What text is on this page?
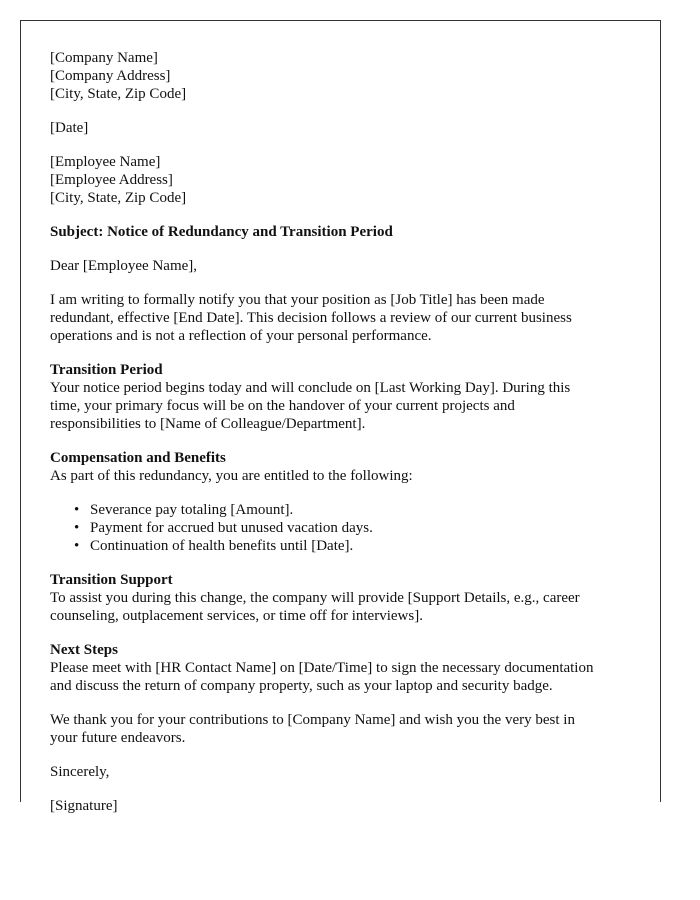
[Company Name]
[Company Address]
[City, State, Zip Code]
[Date]
[Employee Name]
[Employee Address]
[City, State, Zip Code]
Subject: Notice of Redundancy and Transition Period
Dear [Employee Name],
I am writing to formally notify you that your position as [Job Title] has been made
redundant, effective [End Date]. This decision follows a review of our current business
operations and is not a reflection of your personal performance.
Transition Period
Your notice period begins today and will conclude on [Last Working Day]. During this
time, your primary focus will be on the handover of your current projects and
responsibilities to [Name of Colleague/Department].
Compensation and Benefits
As part of this redundancy, you are entitled to the following:
• Severance pay totaling [Amount].
• Payment for accrued but unused vacation days.
• Continuation of health benefits until [Date].
Transition Support
To assist you during this change, the company will provide [Support Details, e.g., career
counseling, outplacement services, or time off for interviews].
Next Steps
Please meet with [HR Contact Name] on [Date/Time] to sign the necessary documentation
and discuss the return of company property, such as your laptop and security badge.
We thank you for your contributions to [Company Name] and wish you the very best in
your future endeavors.
Sincerely,
[Signature]
